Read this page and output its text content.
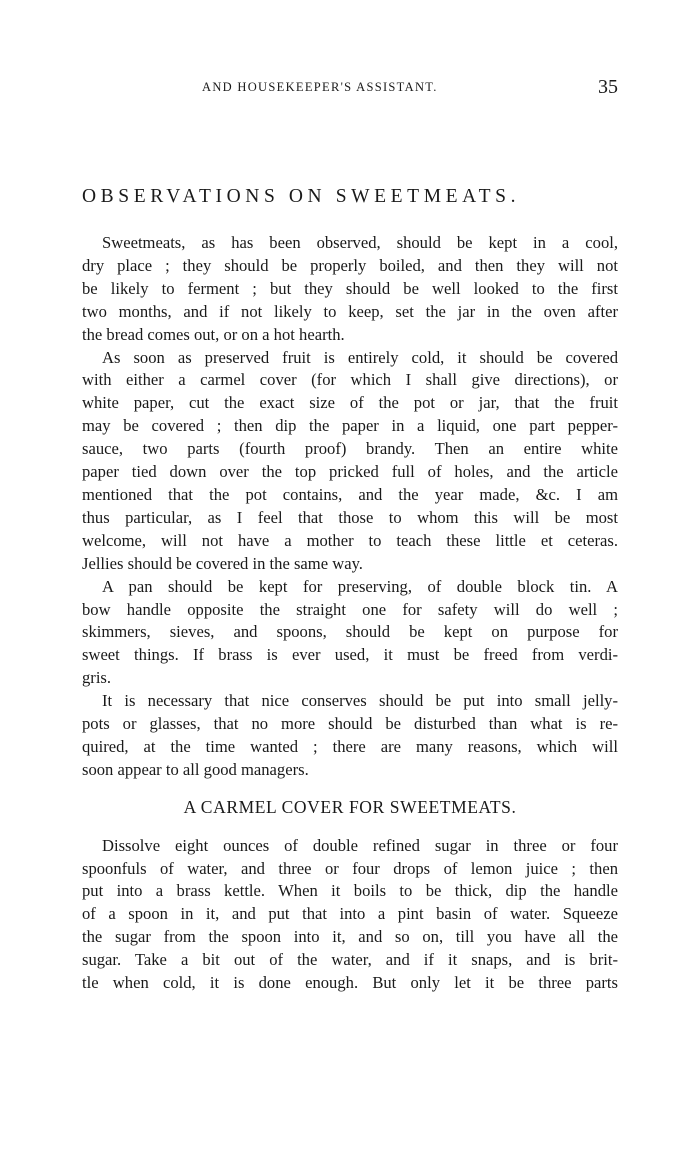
AND HOUSEKEEPER'S ASSISTANT.	35
OBSERVATIONS ON SWEETMEATS.
Sweetmeats, as has been observed, should be kept in a cool,
dry place ; they should be properly boiled, and then they will not
be likely to ferment ; but they should be well looked to the first
two months, and if not likely to keep, set the jar in the oven after
the bread comes out, or on a hot hearth.
As soon as preserved fruit is entirely cold, it should be covered
with either a carmel cover (for which I shall give directions), or
white paper, cut the exact size of the pot or jar, that the fruit
may be covered ; then dip the paper in a liquid, one part pepper-
sauce, two parts (fourth proof) brandy. Then an entire white
paper tied down over the top pricked full of holes, and the article
mentioned that the pot contains, and the year made, &c. I am
thus particular, as I feel that those to whom this will be most
welcome, will not have a mother to teach these little et ceteras.
Jellies should be covered in the same way.
A pan should be kept for preserving, of double block tin. A
bow handle opposite the straight one for safety will do well ;
skimmers, sieves, and spoons, should be kept on purpose for
sweet things. If brass is ever used, it must be freed from verdi-
gris.
It is necessary that nice conserves should be put into small jelly-
pots or glasses, that no more should be disturbed than what is re-
quired, at the time wanted ; there are many reasons, which will
soon appear to all good managers.

A CARMEL COVER FOR SWEETMEATS.

Dissolve eight ounces of double refined sugar in three or four
spoonfuls of water, and three or four drops of lemon juice ; then
put into a brass kettle. When it boils to be thick, dip the handle
of a spoon in it, and put that into a pint basin of water. Squeeze
the sugar from the spoon into it, and so on, till you have all the
sugar. Take a bit out of the water, and if it snaps, and is brit-
tle when cold, it is done enough. But only let it be three parts
